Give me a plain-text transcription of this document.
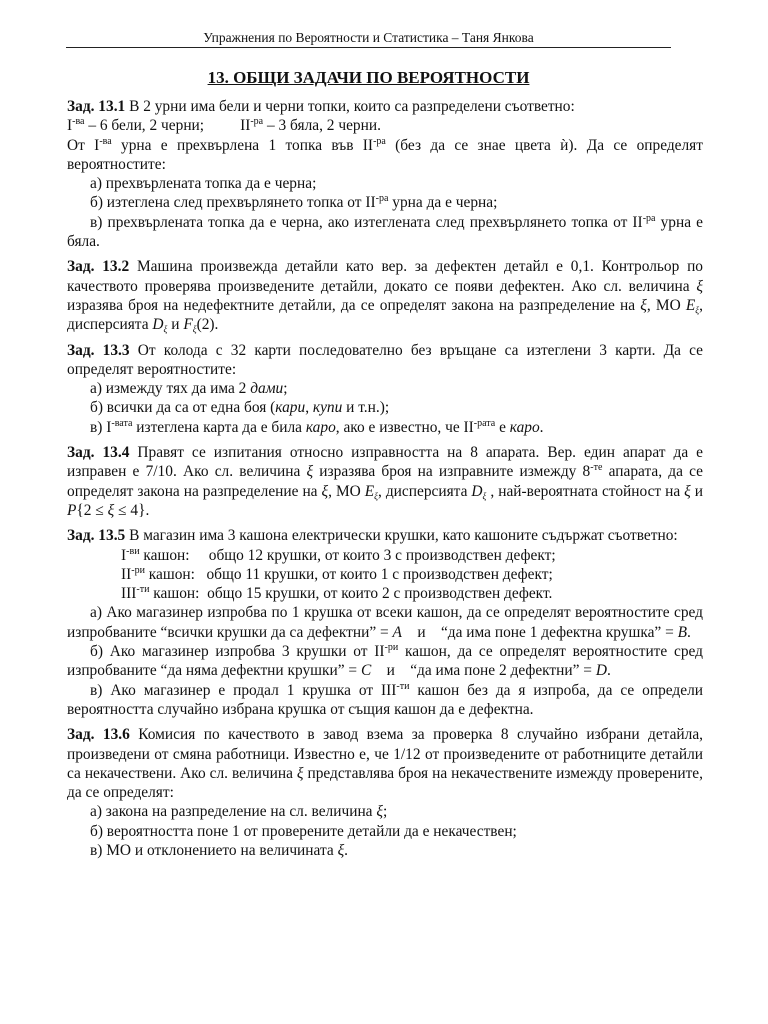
Упражнения по Вероятности и Статистика – Таня Янкова
13. ОБЩИ ЗАДАЧИ ПО ВЕРОЯТНОСТИ

Зад. 13.1 В 2 урни има бели и черни топки, които са разпределени съответно:

$I^{-ва} - 6$ бели, 2 черни; $II^{-ра} - 3$ бяла, 2 черни.

От $I^{-ва}$ урна е прехвърлена 1 топка във $II^{-ра}$ (без да се знае цвета ѝ). Да се определят вероятностите:

а) прехвърлената топка да е черна;

б) изтеглена след прехвърлянето топка от $II^{-ра}$ урна да е черна;

в) прехвърлената топка да е черна, ако изтеглената след прехвърлянето топка от $II^{-ра}$ урна е бяла.

Зад. 13.2 Машина произвежда детайли като вер. за дефектен детайл е 0,1. Контрольор по качеството проверява произведените детайли, докато се появи дефектен. Ако сл. величина ξ изразява броя на недефектните детайли, да се определят закона на разпределение на ξ, МО $E_\xi$, дисперсията $D_\xi$ и $F_\xi(2)$.

Зад. 13.3 От колода с 32 карти последователно без връщане са изтеглени 3 карти. Да се определят вероятностите:

а) измежду тях да има 2 дами;

б) всички да са от една боя (кари, купи и т.н.);

в) $I^{-вата}$ изтеглена карта да е била каро, ако е известно, че $II^{-рата}$ е каро.

Зад. 13.4 Правят се изпитания относно изправността на 8 апарата. Вер. един апарат да е изправен е 7/10. Ако сл. величина ξ изразява броя на изправните измежду $8^{-те}$ апарата, да се определят закона на разпределение на ξ, МО $E_\xi$, дисперсията $D_\xi$ , най-вероятната стойност на ξ и P{2 ≤ ξ ≤ 4}.

Зад. 13.5 В магазин има 3 кашона електрически крушки, като кашоните съдържат съответно:

$I^{-ви}$ кашон:     общо 12 крушки, от които 3 с производствен дефект;

$II^{-ри}$ кашон:   общо 11 крушки, от които 1 с производствен дефект;

$III^{-ти}$ кашон:  общо 15 крушки, от които 2 с производствен дефект.

а) Ако магазинер изпробва по 1 крушка от всеки кашон, да се определят вероятностите сред изпробваните “всички крушки да са дефектни” = A    и    “да има поне 1 дефектна крушка” = B.

б) Ако магазинер изпробва 3 крушки от $II^{-ри}$ кашон, да се определят вероятностите сред изпробваните “да няма дефектни крушки” = C    и    “да има поне 2 дефектни” = D.

в) Ако магазинер е продал 1 крушка от $III^{-ти}$ кашон без да я изпроба, да се определи вероятността случайно избрана крушка от същия кашон да е дефектна.

Зад. 13.6 Комисия по качеството в завод взема за проверка 8 случайно избрани детайла, произведени от смяна работници. Известно е, че 1/12 от произведените от работниците детайли са некачествени. Ако сл. величина ξ представлява броя на некачествените измежду проверените, да се определят:

а) закона на разпределение на сл. величина ξ;

б) вероятността поне 1 от проверените детайли да е некачествен;

в) МО и отклонението на величината ξ.
